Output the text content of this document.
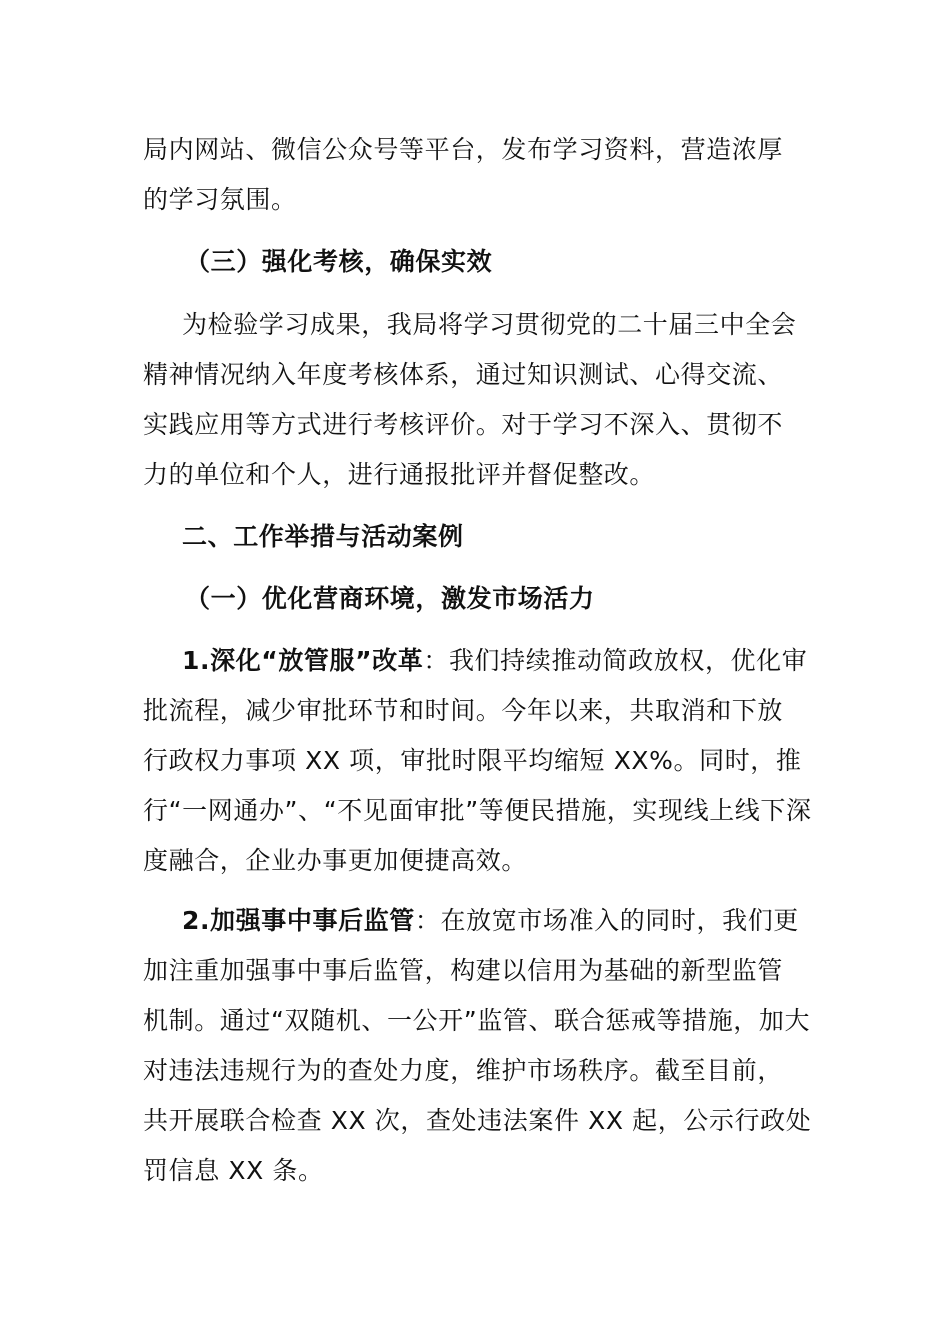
局内网站、微信公众号等平台，发布学习资料，营造浓厚
的学习氛围。
（三）强化考核，确保实效
为检验学习成果，我局将学习贯彻党的二十届三中全会
精神情况纳入年度考核体系，通过知识测试、心得交流、
实践应用等方式进行考核评价。对于学习不深入、贯彻不
力的单位和个人，进行通报批评并督促整改。
二、工作举措与活动案例
（一）优化营商环境，激发市场活力
1.深化“放管服”改革：我们持续推动简政放权，优化审
批流程，减少审批环节和时间。今年以来，共取消和下放
行政权力事项 XX 项，审批时限平均缩短 XX%。同时，推
行“一网通办”、“不见面审批”等便民措施，实现线上线下深
度融合，企业办事更加便捷高效。
2.加强事中事后监管：在放宽市场准入的同时，我们更
加注重加强事中事后监管，构建以信用为基础的新型监管
机制。通过“双随机、一公开”监管、联合惩戒等措施，加大
对违法违规行为的查处力度，维护市场秩序。截至目前，
共开展联合检查 XX 次，查处违法案件 XX 起，公示行政处
罚信息 XX 条。
